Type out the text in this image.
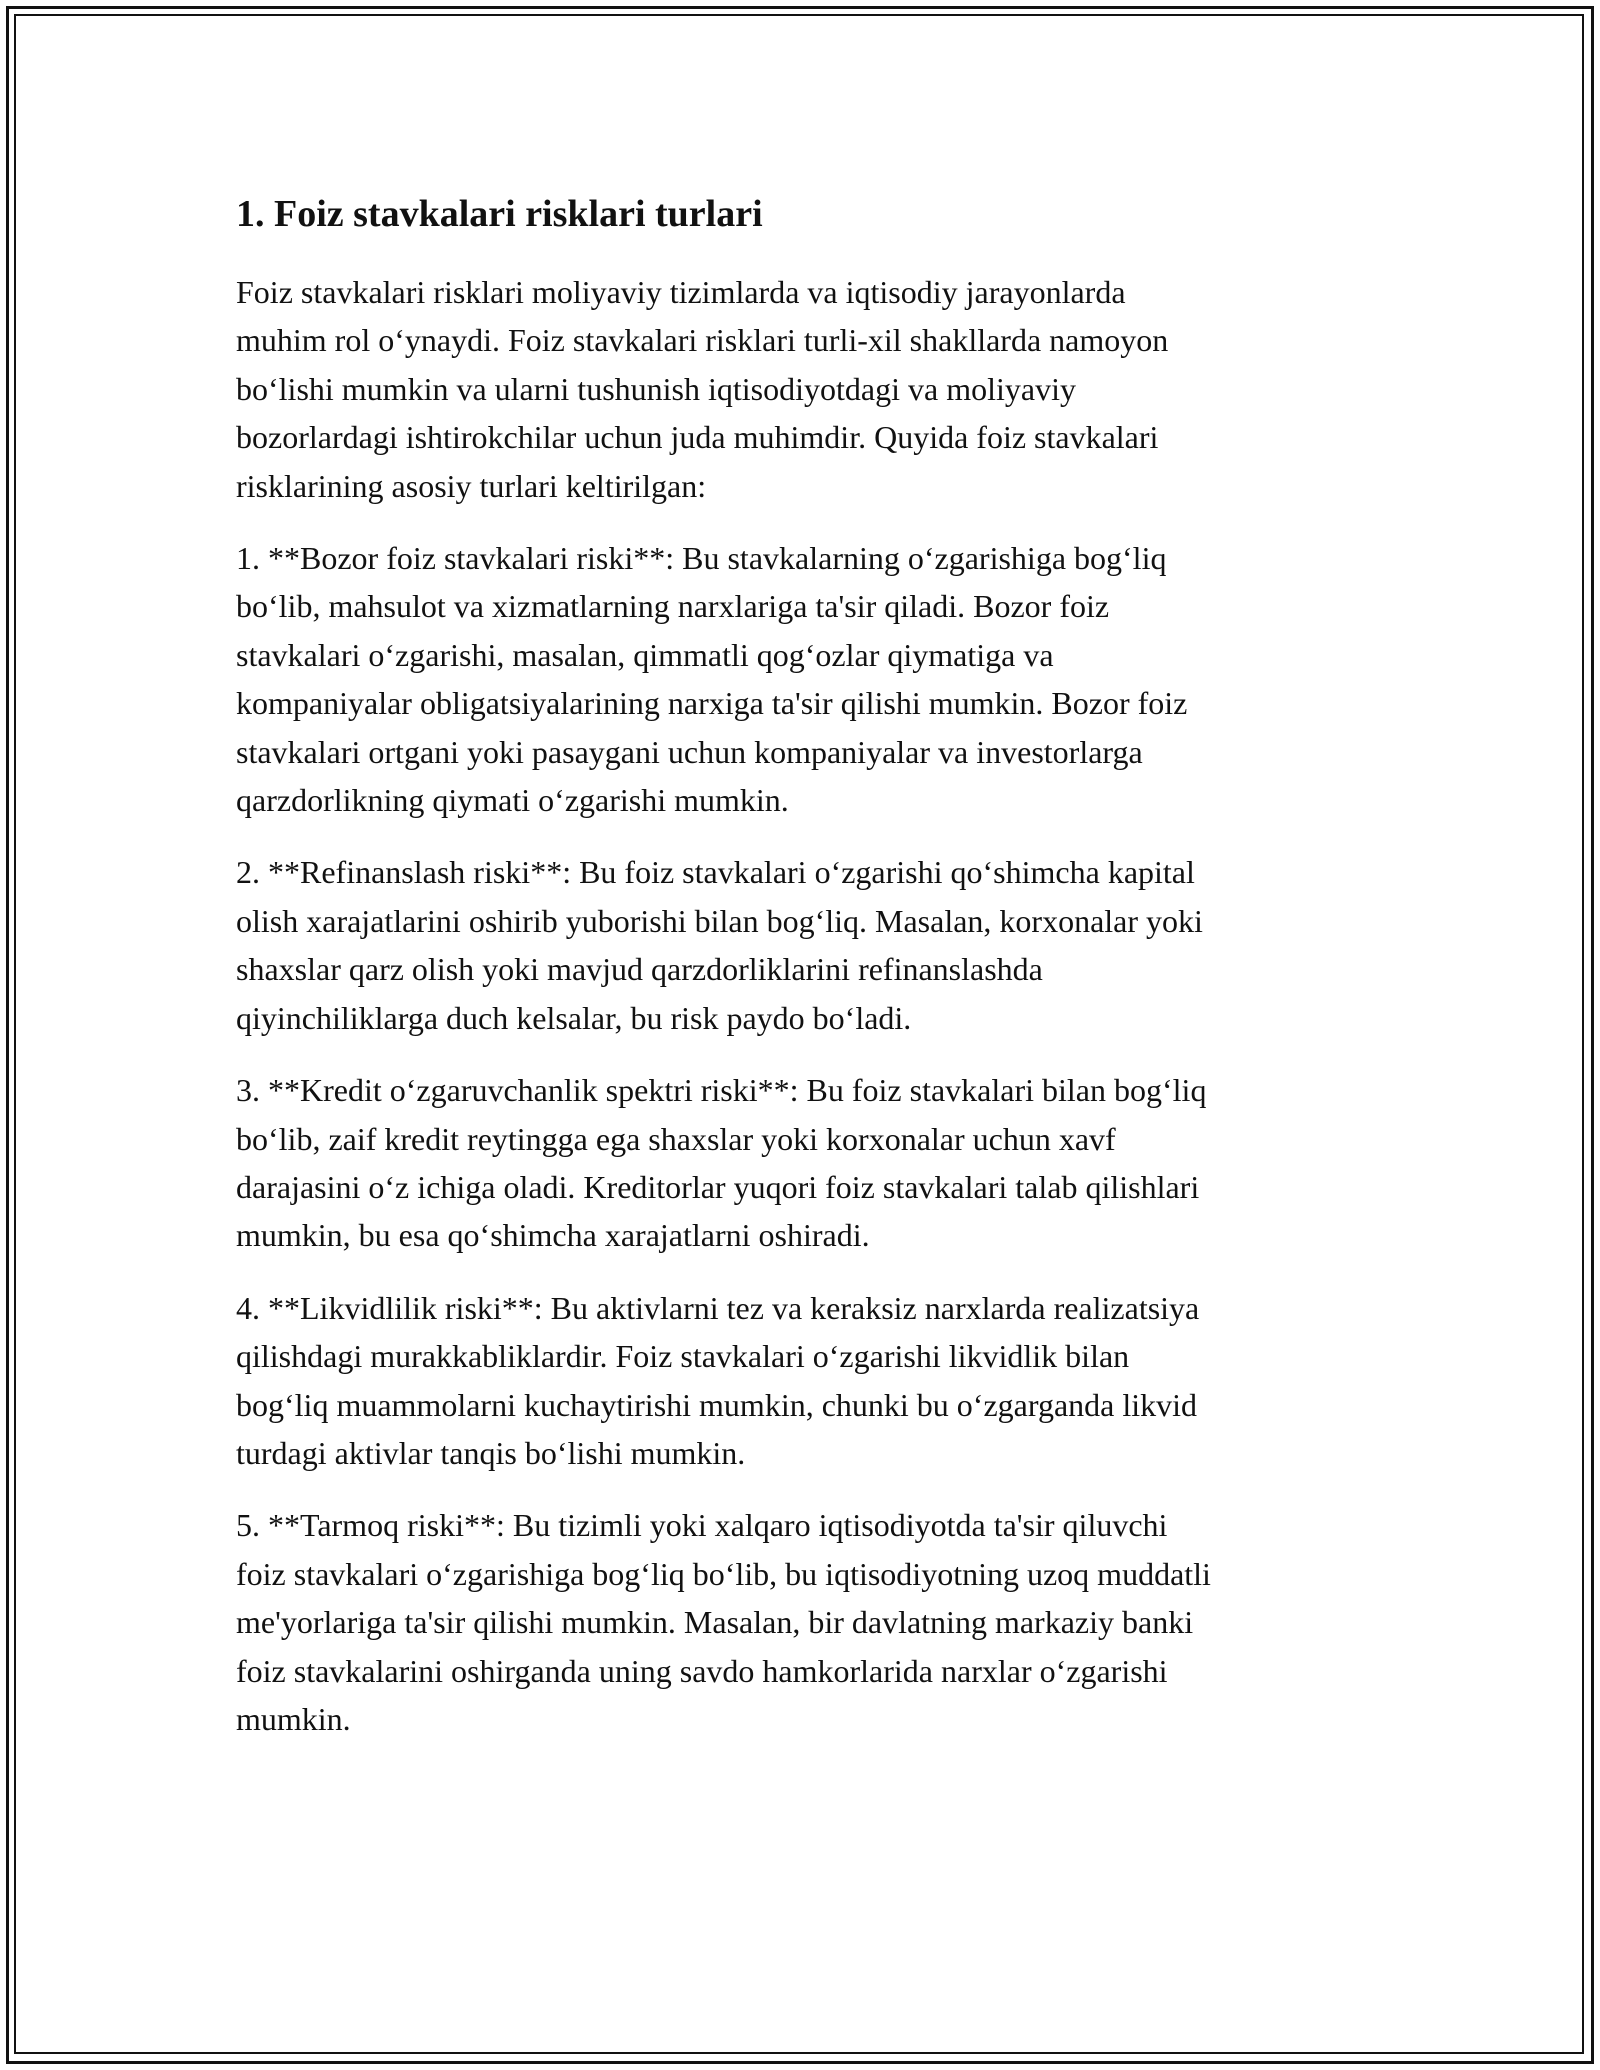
1. Foiz stavkalari risklari turlari

Foiz stavkalari risklari moliyaviy tizimlarda va iqtisodiy jarayonlarda
muhim rol o‘ynaydi. Foiz stavkalari risklari turli-xil shakllarda namoyon
bo‘lishi mumkin va ularni tushunish iqtisodiyotdagi va moliyaviy
bozorlardagi ishtirokchilar uchun juda muhimdir. Quyida foiz stavkalari
risklarining asosiy turlari keltirilgan:

1. **Bozor foiz stavkalari riski**: Bu stavkalarning o‘zgarishiga bog‘liq
bo‘lib, mahsulot va xizmatlarning narxlariga ta'sir qiladi. Bozor foiz
stavkalari o‘zgarishi, masalan, qimmatli qog‘ozlar qiymatiga va
kompaniyalar obligatsiyalarining narxiga ta'sir qilishi mumkin. Bozor foiz
stavkalari ortgani yoki pasaygani uchun kompaniyalar va investorlarga
qarzdorlikning qiymati o‘zgarishi mumkin.

2. **Refinanslash riski**: Bu foiz stavkalari o‘zgarishi qo‘shimcha kapital
olish xarajatlarini oshirib yuborishi bilan bog‘liq. Masalan, korxonalar yoki
shaxslar qarz olish yoki mavjud qarzdorliklarini refinanslashda
qiyinchiliklarga duch kelsalar, bu risk paydo bo‘ladi.

3. **Kredit o‘zgaruvchanlik spektri riski**: Bu foiz stavkalari bilan bog‘liq
bo‘lib, zaif kredit reytingga ega shaxslar yoki korxonalar uchun xavf
darajasini o‘z ichiga oladi. Kreditorlar yuqori foiz stavkalari talab qilishlari
mumkin, bu esa qo‘shimcha xarajatlarni oshiradi.

4. **Likvidlilik riski**: Bu aktivlarni tez va keraksiz narxlarda realizatsiya
qilishdagi murakkabliklardir. Foiz stavkalari o‘zgarishi likvidlik bilan
bog‘liq muammolarni kuchaytirishi mumkin, chunki bu o‘zgarganda likvid
turdagi aktivlar tanqis bo‘lishi mumkin.

5. **Tarmoq riski**: Bu tizimli yoki xalqaro iqtisodiyotda ta'sir qiluvchi
foiz stavkalari o‘zgarishiga bog‘liq bo‘lib, bu iqtisodiyotning uzoq muddatli
me'yorlariga ta'sir qilishi mumkin. Masalan, bir davlatning markaziy banki
foiz stavkalarini oshirganda uning savdo hamkorlarida narxlar o‘zgarishi
mumkin.
